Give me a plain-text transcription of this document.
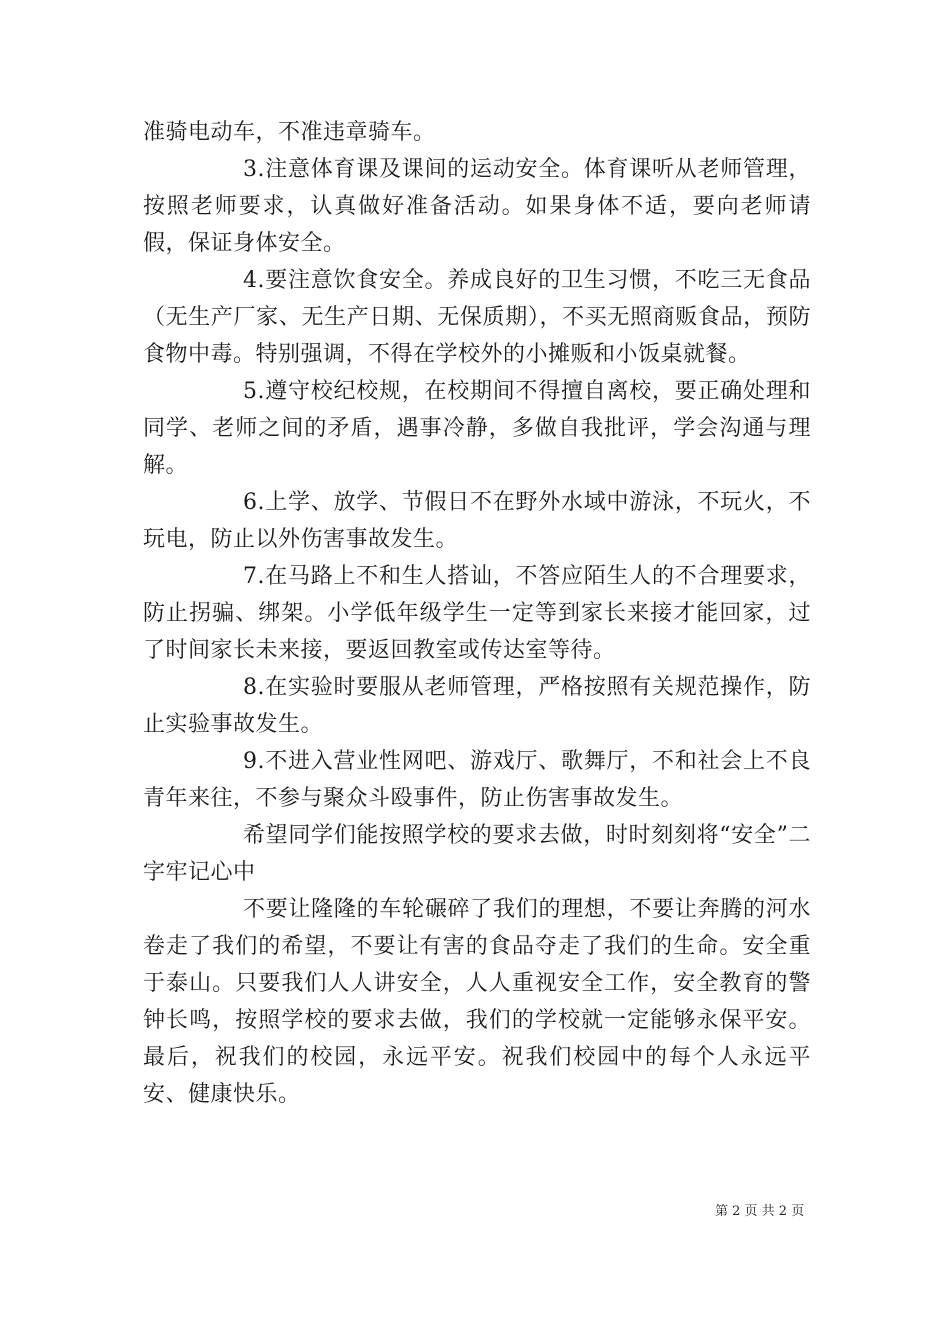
准骑电动车，不准违章骑车。

3.注意体育课及课间的运动安全。体育课听从老师管理，按照老师要求，认真做好准备活动。如果身体不适，要向老师请假，保证身体安全。

4.要注意饮食安全。养成良好的卫生习惯，不吃三无食品（无生产厂家、无生产日期、无保质期），不买无照商贩食品，预防食物中毒。特别强调，不得在学校外的小摊贩和小饭桌就餐。

5.遵守校纪校规，在校期间不得擅自离校，要正确处理和同学、老师之间的矛盾，遇事冷静，多做自我批评，学会沟通与理解。

6.上学、放学、节假日不在野外水域中游泳，不玩火，不玩电，防止以外伤害事故发生。

7.在马路上不和生人搭讪，不答应陌生人的不合理要求，防止拐骗、绑架。小学低年级学生一定等到家长来接才能回家，过了时间家长未来接，要返回教室或传达室等待。

8.在实验时要服从老师管理，严格按照有关规范操作，防止实验事故发生。

9.不进入营业性网吧、游戏厅、歌舞厅，不和社会上不良青年来往，不参与聚众斗殴事件，防止伤害事故发生。

希望同学们能按照学校的要求去做，时时刻刻将“安全”二字牢记心中

不要让隆隆的车轮碾碎了我们的理想，不要让奔腾的河水卷走了我们的希望，不要让有害的食品夺走了我们的生命。安全重于泰山。只要我们人人讲安全，人人重视安全工作，安全教育的警钟长鸣，按照学校的要求去做，我们的学校就一定能够永保平安。最后，祝我们的校园，永远平安。祝我们校园中的每个人永远平安、健康快乐。

第 2 页 共 2 页
